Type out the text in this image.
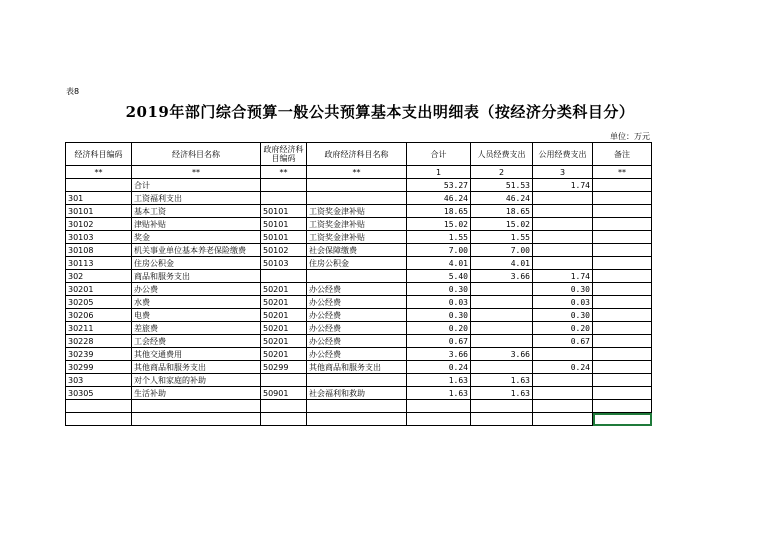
表8
2019年部门综合预算一般公共预算基本支出明细表（按经济分类科目分）
单位：万元
经济科目编码	经济科目名称	政府经济科目编码	政府经济科目名称	合计	人员经费支出	公用经费支出	备注
**	**	**	**	1	2	3	**
	合计			53.27	51.53	1.74	
301	工资福利支出			46.24	46.24		
30101	基本工资	50101	工资奖金津补贴	18.65	18.65		
30102	津贴补贴	50101	工资奖金津补贴	15.02	15.02		
30103	奖金	50101	工资奖金津补贴	1.55	1.55		
30108	机关事业单位基本养老保险缴费	50102	社会保障缴费	7.00	7.00		
30113	住房公积金	50103	住房公积金	4.01	4.01		
302	商品和服务支出			5.40	3.66	1.74	
30201	办公费	50201	办公经费	0.30		0.30	
30205	水费	50201	办公经费	0.03		0.03	
30206	电费	50201	办公经费	0.30		0.30	
30211	差旅费	50201	办公经费	0.20		0.20	
30228	工会经费	50201	办公经费	0.67		0.67	
30239	其他交通费用	50201	办公经费	3.66	3.66		
30299	其他商品和服务支出	50299	其他商品和服务支出	0.24		0.24	
303	对个人和家庭的补助			1.63	1.63		
30305	生活补助	50901	社会福利和救助	1.63	1.63		
